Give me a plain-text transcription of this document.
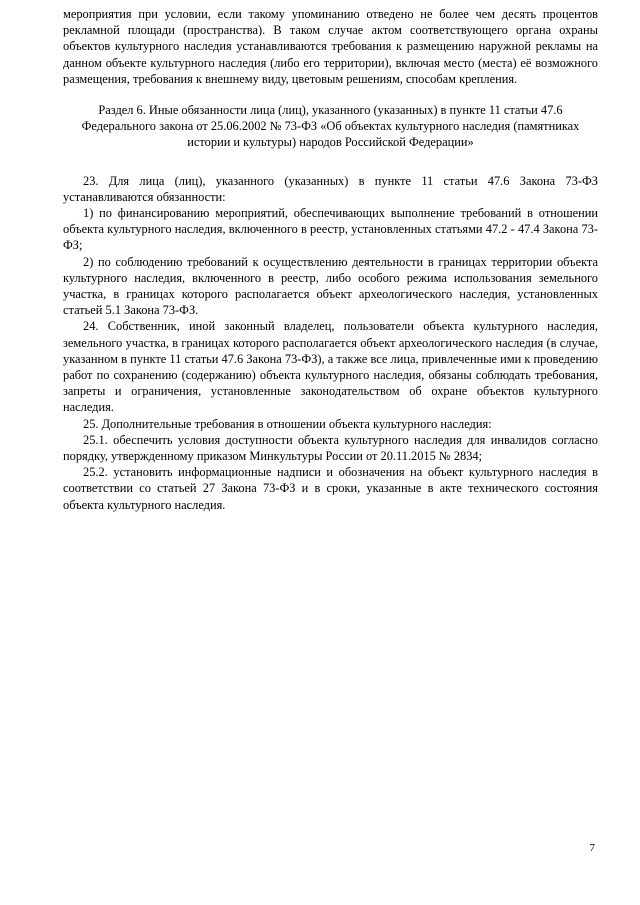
мероприятия при условии, если такому упоминанию отведено не более чем десять процентов рекламной площади (пространства). В таком случае актом соответствующего органа охраны объектов культурного наследия устанавливаются требования к размещению наружной рекламы на данном объекте культурного наследия (либо его территории), включая место (места) её возможного размещения, требования к внешнему виду, цветовым решениям, способам крепления.

Раздел 6. Иные обязанности лица (лиц), указанного (указанных) в пункте 11 статьи 47.6 Федерального закона от 25.06.2002 № 73-ФЗ «Об объектах культурного наследия (памятниках истории и культуры) народов Российской Федерации»

23. Для лица (лиц), указанного (указанных) в пункте 11 статьи 47.6 Закона 73-ФЗ устанавливаются обязанности:

1) по финансированию мероприятий, обеспечивающих выполнение требований в отношении объекта культурного наследия, включенного в реестр, установленных статьями 47.2 - 47.4 Закона 73-ФЗ;

2) по соблюдению требований к осуществлению деятельности в границах территории объекта культурного наследия, включенного в реестр, либо особого режима использования земельного участка, в границах которого располагается объект археологического наследия, установленных статьей 5.1 Закона 73-ФЗ.

24. Собственник, иной законный владелец, пользователи объекта культурного наследия, земельного участка, в границах которого располагается объект археологического наследия (в случае, указанном в пункте 11 статьи 47.6 Закона 73-ФЗ), а также все лица, привлеченные ими к проведению работ по сохранению (содержанию) объекта культурного наследия, обязаны соблюдать требования, запреты и ограничения, установленные законодательством об охране объектов культурного наследия.

25. Дополнительные требования в отношении объекта культурного наследия:

25.1. обеспечить условия доступности объекта культурного наследия для инвалидов согласно порядку, утвержденному приказом Минкультуры России от 20.11.2015 № 2834;

25.2. установить информационные надписи и обозначения на объект культурного наследия в соответствии со статьей 27 Закона 73-ФЗ и в сроки, указанные в акте технического состояния объекта культурного наследия.

7
